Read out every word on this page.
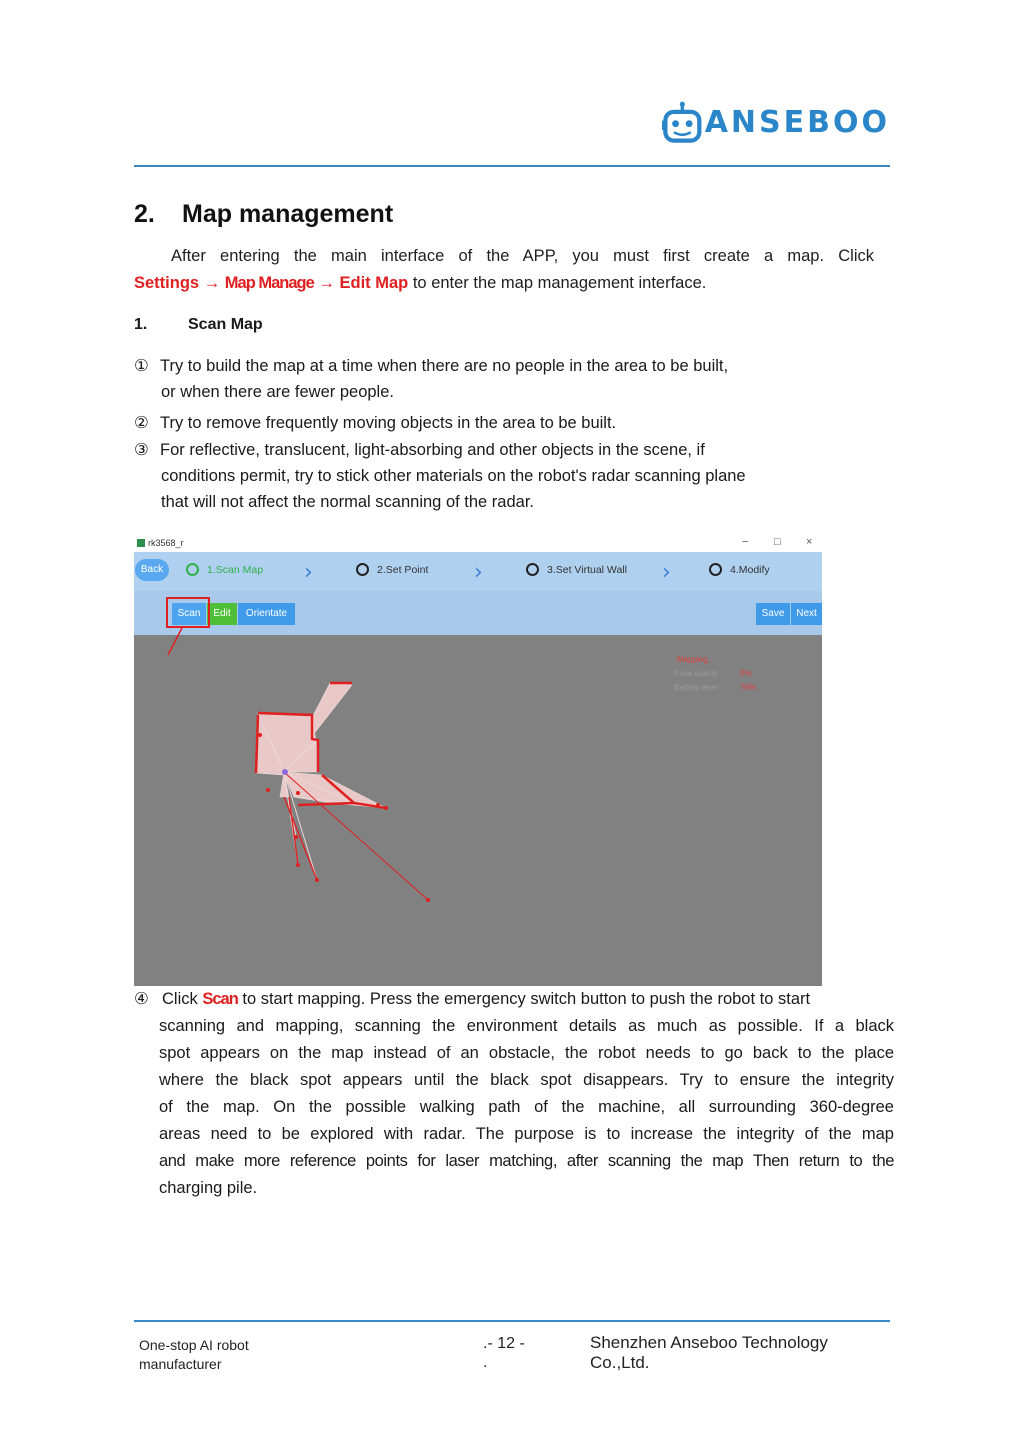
ANSEBOO
2. Map management
After entering the main interface of the APP, you must first create a map. Click
Settings → Map Manage → Edit Map to enter the map management interface.
1.	Scan Map
① Try to build the map at a time when there are no people in the area to be built,
or when there are fewer people.
② Try to remove frequently moving objects in the area to be built.
③ For reflective, translucent, light-absorbing and other objects in the scene, if
conditions permit, try to stick other materials on the robot's radar scanning plane
that will not affect the normal scanning of the radar.
rk3568_r	− □ ×
Back	1.Scan Map ›	2.Set Point ›	3.Set Virtual Wall ›	4.Modify
Scan	Edit	Orientate	Save	Next
Mapping...
Pose quality	0%
Battery level	76%
④ Click Scan to start mapping. Press the emergency switch button to push the robot to start
scanning and mapping, scanning the environment details as much as possible. If a black
spot appears on the map instead of an obstacle, the robot needs to go back to the place
where the black spot appears until the black spot disappears. Try to ensure the integrity
of the map. On the possible walking path of the machine, all surrounding 360-degree
areas need to be explored with radar. The purpose is to increase the integrity of the map
and make more reference points for laser matching, after scanning the map Then return to the
charging pile.
One-stop AI robot
manufacturer
.- 12 -
.
Shenzhen Anseboo Technology
Co.,Ltd.
